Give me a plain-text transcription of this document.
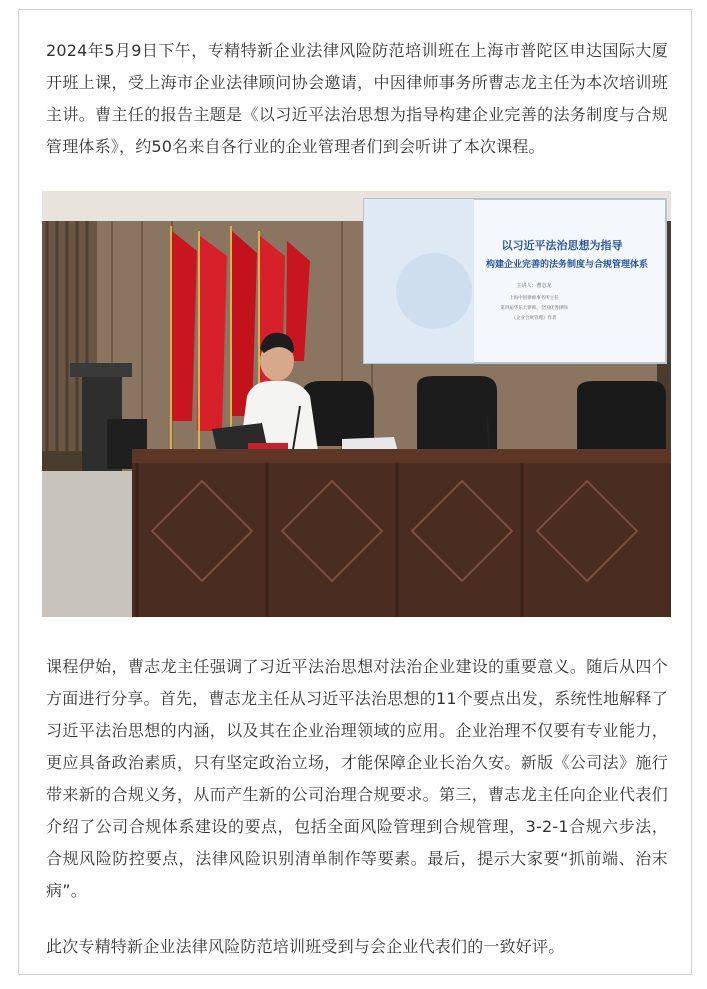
2024年5月9日下午，专精特新企业法律风险防范培训班在上海市普陀区申达国际大厦开班上课，受上海市企业法律顾问协会邀请，中因律师事务所曹志龙主任为本次培训班主讲。曹主任的报告主题是《以习近平法治思想为指导构建企业完善的法务制度与合规管理体系》，约50名来自各行业的企业管理者们到会听讲了本次课程。

以习近平法治思想为指导
构建企业完善的法务制度与合规管理体系
主讲人：曹志龙
上海中因律师事务所主任
第四届华东大律师、全国优秀律师
《企业合规管理》作者

课程伊始，曹志龙主任强调了习近平法治思想对法治企业建设的重要意义。随后从四个方面进行分享。首先，曹志龙主任从习近平法治思想的11个要点出发，系统性地解释了习近平法治思想的内涵，以及其在企业治理领域的应用。企业治理不仅要有专业能力，更应具备政治素质，只有坚定政治立场，才能保障企业长治久安。新版《公司法》施行带来新的合规义务，从而产生新的公司治理合规要求。第三，曹志龙主任向企业代表们介绍了公司合规体系建设的要点，包括全面风险管理到合规管理，3-2-1合规六步法，合规风险防控要点，法律风险识别清单制作等要素。最后，提示大家要“抓前端、治末病”。

此次专精特新企业法律风险防范培训班受到与会企业代表们的一致好评。
